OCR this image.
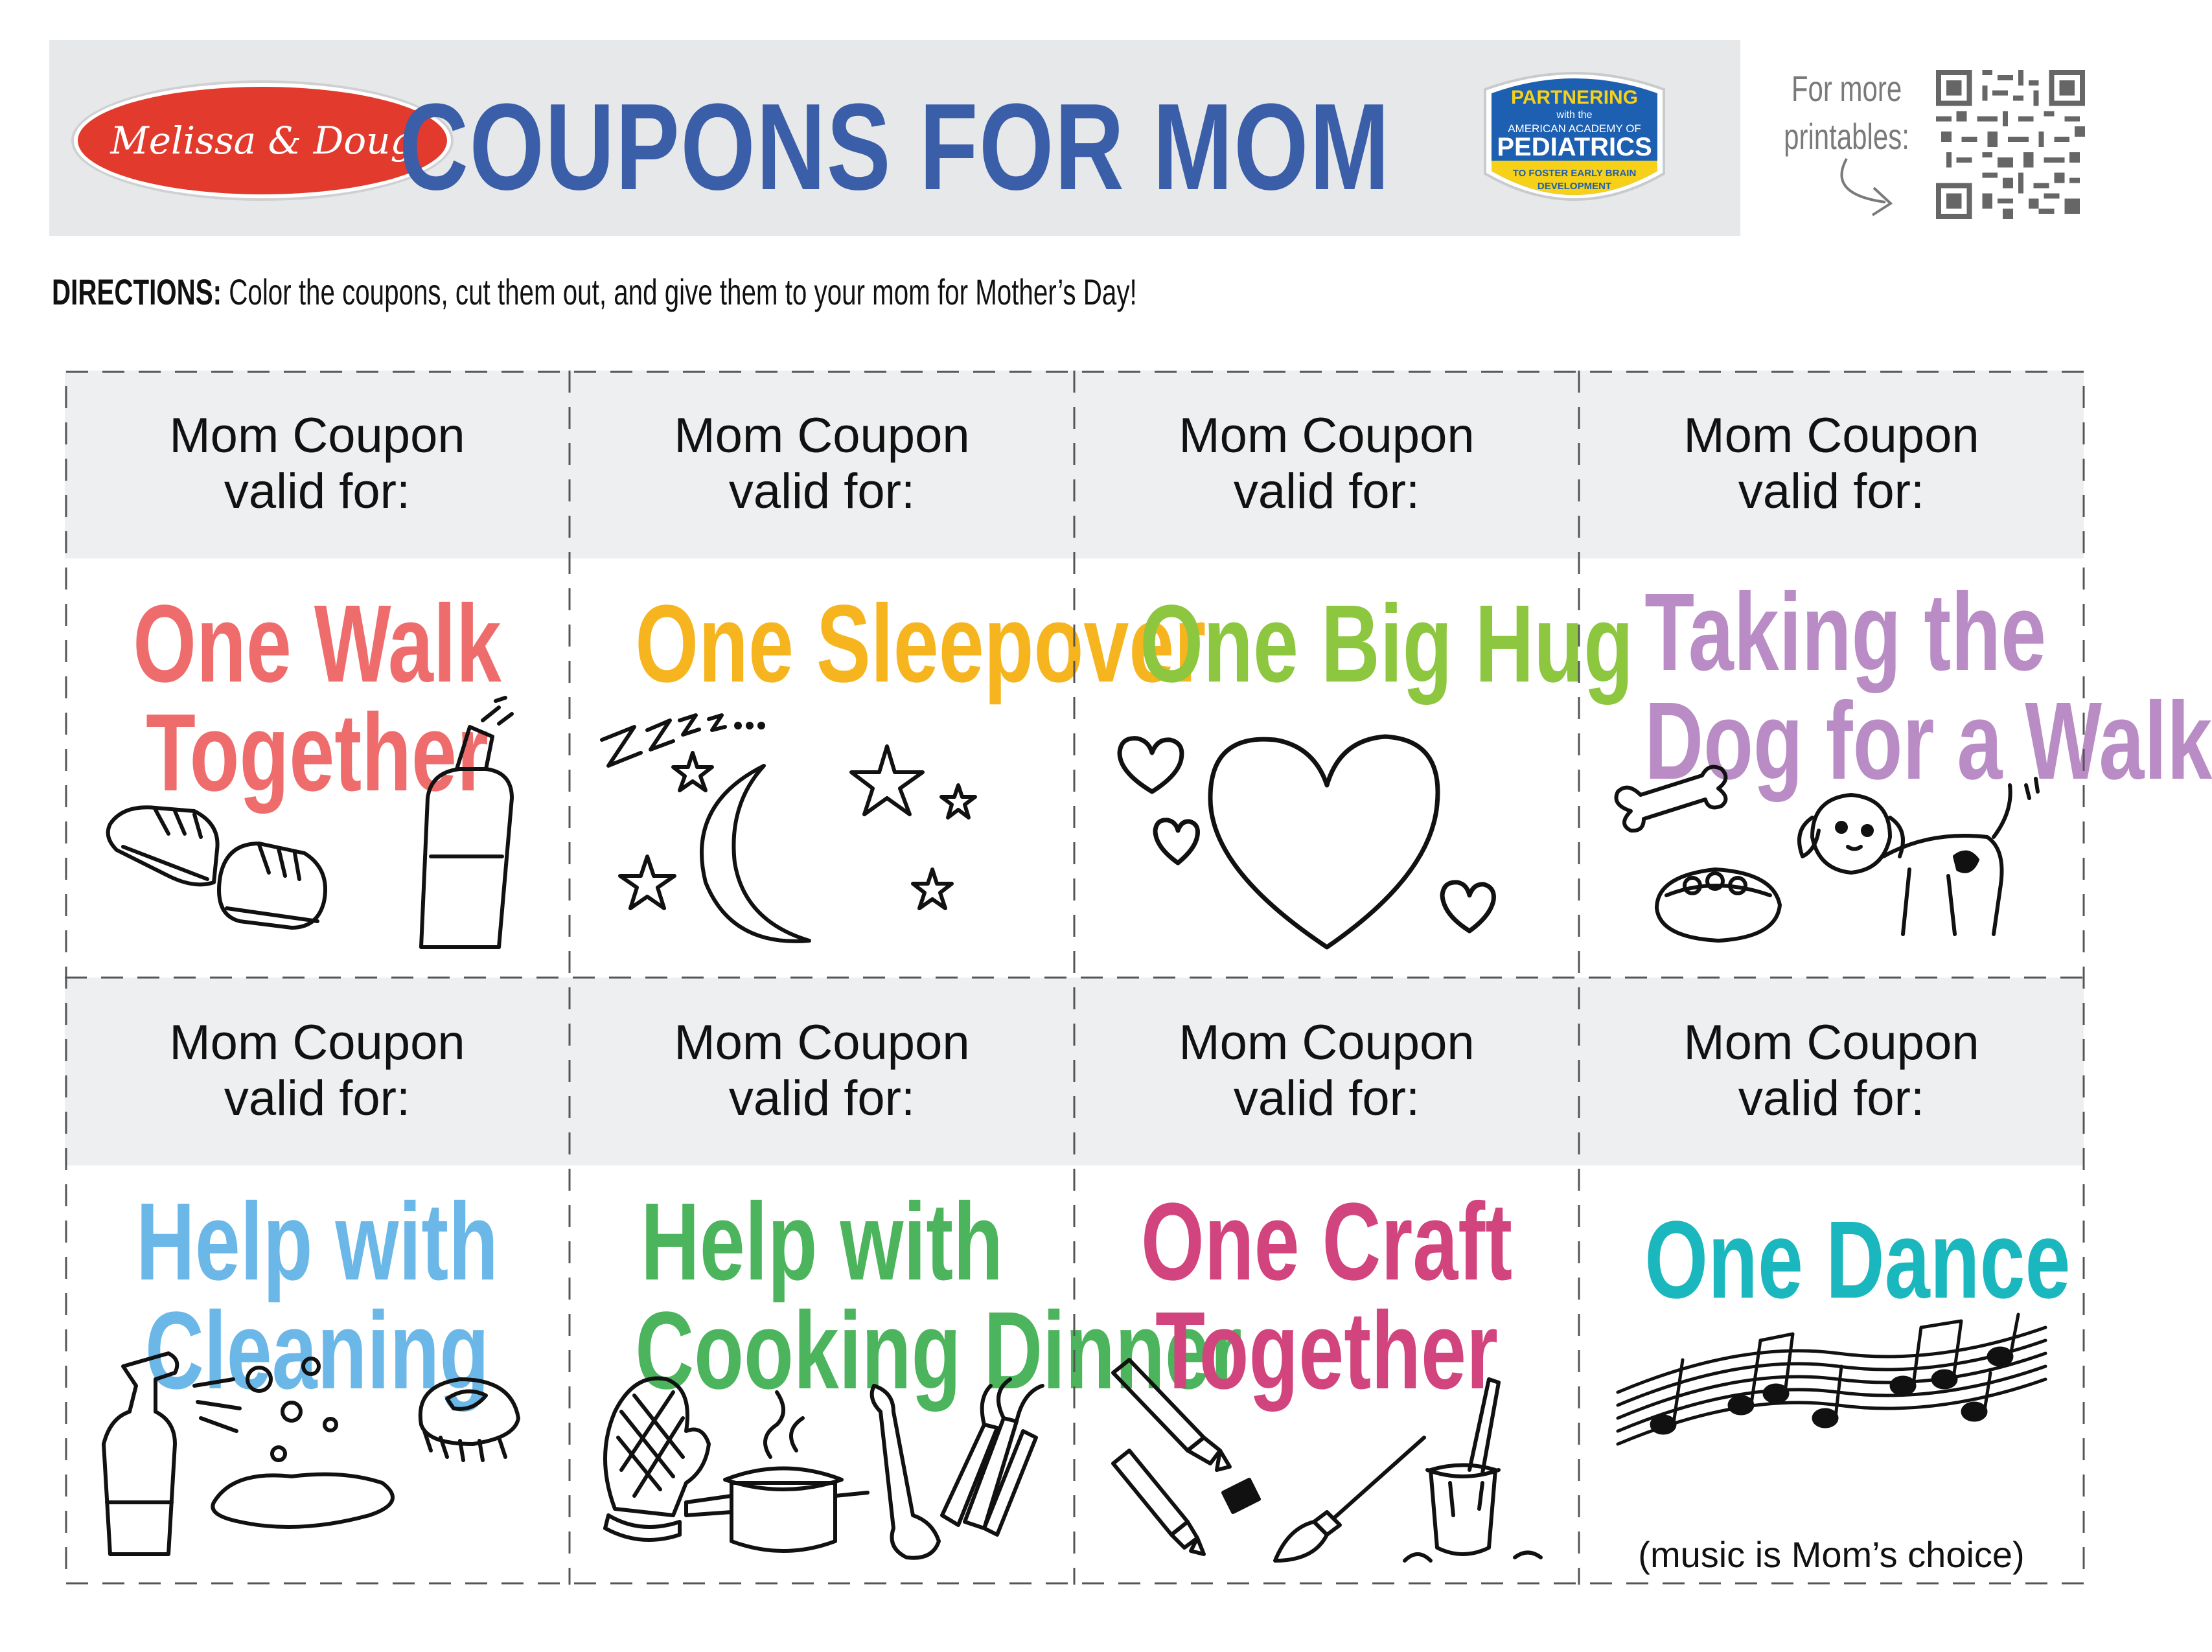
Melissa & Doug
COUPONS FOR MOM	PARTNERING
with the
AMERICAN ACADEMY OF
PEDIATRICS
TO FOSTER EARLY BRAIN
DEVELOPMENT
For more
printables:
DIRECTIONS: Color the coupons, cut them out, and give them to your mom for Mother’s Day!
Mom Coupon
valid for:
One Walk
Together
Mom Coupon
valid for:
One Sleepover
Mom Coupon
valid for:
One Big Hug
Mom Coupon
valid for:
Taking the
Dog for a Walk
Mom Coupon
valid for:
Help with
Cleaning
Mom Coupon
valid for:
Help with
Cooking Dinner
Mom Coupon
valid for:
One Craft
Together
Mom Coupon
valid for:
One Dance
(music is Mom’s choice)
